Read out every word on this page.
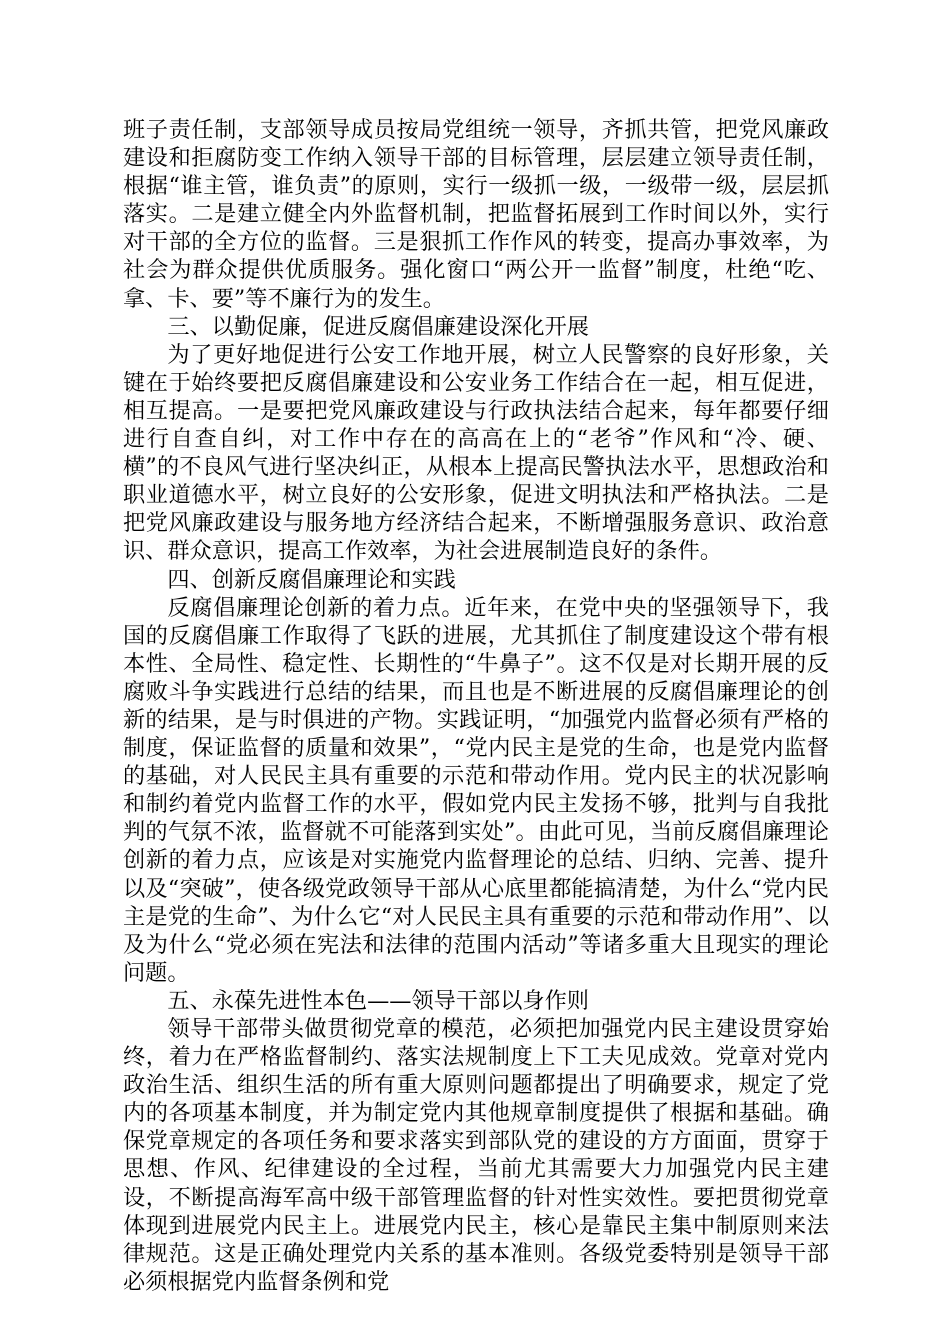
班子责任制，支部领导成员按局党组统一领导，齐抓共管，把党风廉政建设和拒腐防变工作纳入领导干部的目标管理，层层建立领导责任制，根据“谁主管，谁负责”的原则，实行一级抓一级，一级带一级，层层抓落实。二是建立健全内外监督机制，把监督拓展到工作时间以外，实行对干部的全方位的监督。三是狠抓工作作风的转变，提高办事效率，为社会为群众提供优质服务。强化窗口“两公开一监督”制度，杜绝“吃、拿、卡、要”等不廉行为的发生。

三、以勤促廉，促进反腐倡廉建设深化开展

为了更好地促进行公安工作地开展，树立人民警察的良好形象，关键在于始终要把反腐倡廉建设和公安业务工作结合在一起，相互促进，相互提高。一是要把党风廉政建设与行政执法结合起来，每年都要仔细进行自查自纠，对工作中存在的高高在上的“老爷”作风和“冷、硬、横”的不良风气进行坚决纠正，从根本上提高民警执法水平，思想政治和职业道德水平，树立良好的公安形象，促进文明执法和严格执法。二是把党风廉政建设与服务地方经济结合起来，不断增强服务意识、政治意识、群众意识，提高工作效率，为社会进展制造良好的条件。

四、创新反腐倡廉理论和实践

反腐倡廉理论创新的着力点。近年来，在党中央的坚强领导下，我国的反腐倡廉工作取得了飞跃的进展，尤其抓住了制度建设这个带有根本性、全局性、稳定性、长期性的“牛鼻子”。这不仅是对长期开展的反腐败斗争实践进行总结的结果，而且也是不断进展的反腐倡廉理论的创新的结果，是与时俱进的产物。实践证明，“加强党内监督必须有严格的制度，保证监督的质量和效果”，“党内民主是党的生命，也是党内监督的基础，对人民民主具有重要的示范和带动作用。党内民主的状况影响和制约着党内监督工作的水平，假如党内民主发扬不够，批判与自我批判的气氛不浓，监督就不可能落到实处”。由此可见，当前反腐倡廉理论创新的着力点，应该是对实施党内监督理论的总结、归纳、完善、提升以及“突破”，使各级党政领导干部从心底里都能搞清楚，为什么“党内民主是党的生命”、为什么它“对人民民主具有重要的示范和带动作用”、以及为什么“党必须在宪法和法律的范围内活动”等诸多重大且现实的理论问题。

五、永葆先进性本色——领导干部以身作则

领导干部带头做贯彻党章的模范，必须把加强党内民主建设贯穿始终，着力在严格监督制约、落实法规制度上下工夫见成效。党章对党内政治生活、组织生活的所有重大原则问题都提出了明确要求，规定了党内的各项基本制度，并为制定党内其他规章制度提供了根据和基础。确保党章规定的各项任务和要求落实到部队党的建设的方方面面，贯穿于思想、作风、纪律建设的全过程，当前尤其需要大力加强党内民主建设，不断提高海军高中级干部管理监督的针对性实效性。要把贯彻党章体现到进展党内民主上。进展党内民主，核心是靠民主集中制原则来法律规范。这是正确处理党内关系的基本准则。各级党委特别是领导干部必须根据党内监督条例和党
